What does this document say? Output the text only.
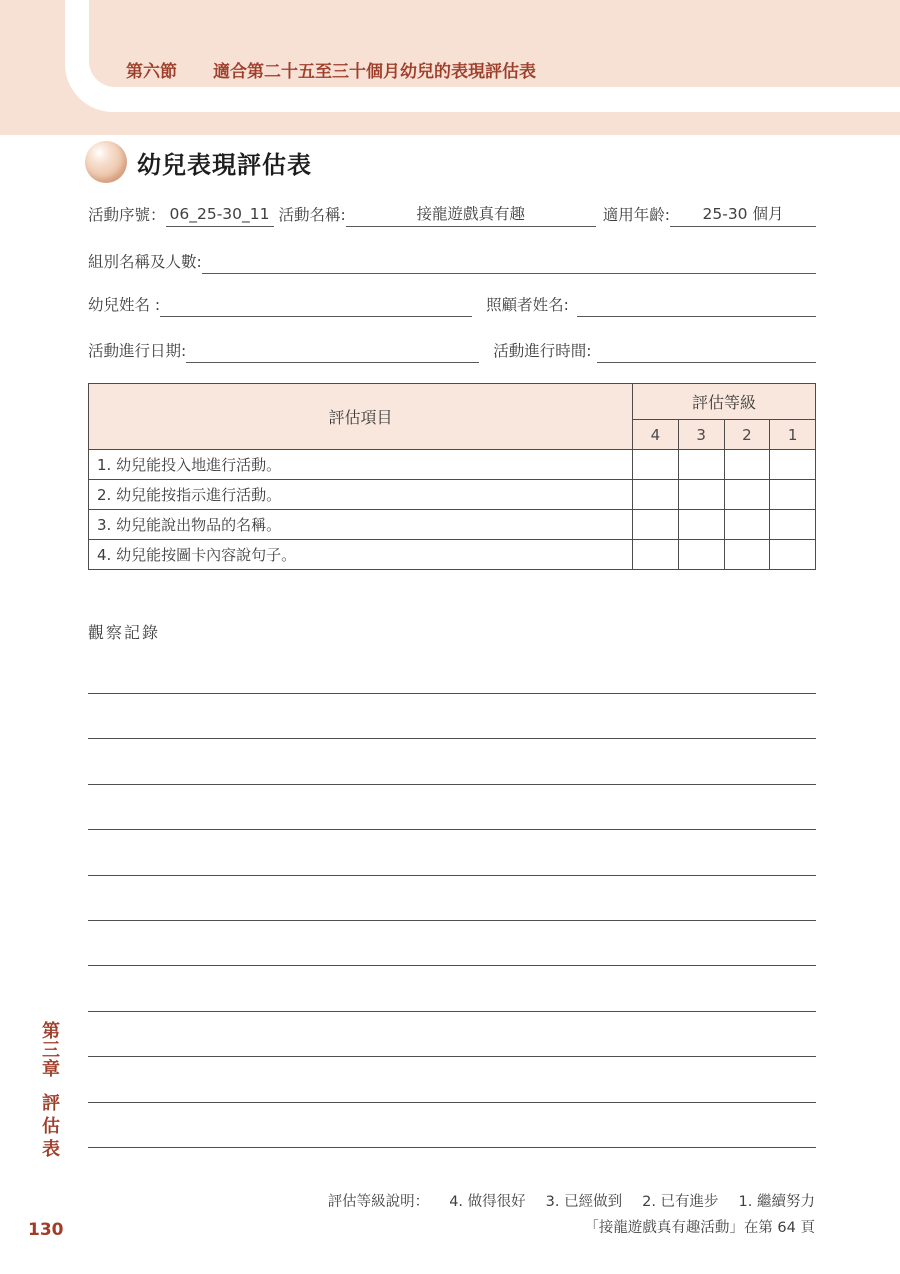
第六節 適合第二十五至三十個月幼兒的表現評估表
幼兒表現評估表
活動序號： 06_25-30_11 活動名稱:	接龍遊戲真有趣	適用年齡:	25-30 個月
組別名稱及人數:
幼兒姓名 :	照顧者姓名:
活動進行日期:	活動進行時間:
評估項目	評估等級			
	4	3	2	1
1. 幼兒能投入地進行活動。				
2. 幼兒能按指示進行活動。				
3. 幼兒能說出物品的名稱。				
4. 幼兒能按圖卡內容說句子。				
觀察記錄
第三章
評估表
評估等級說明： 4. 做得很好 3. 已經做到 2. 已有進步 1. 繼續努力
「接龍遊戲真有趣活動」在第 64 頁
130
